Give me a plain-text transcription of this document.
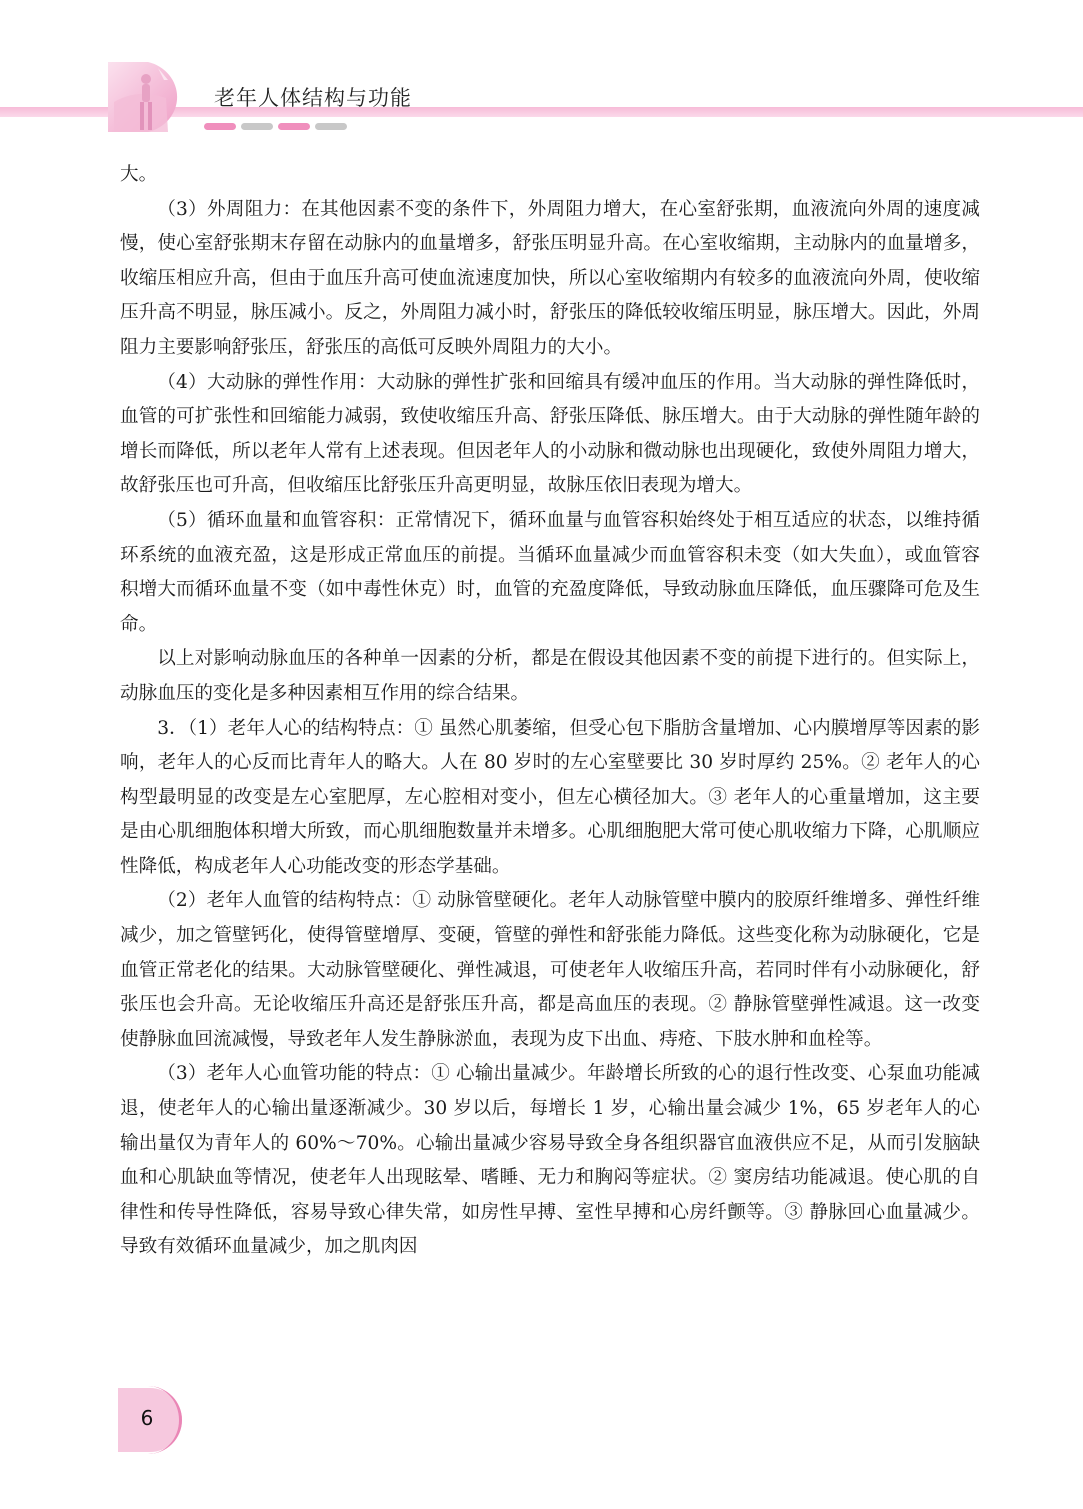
老年人体结构与功能

大。

（3）外周阻力：在其他因素不变的条件下，外周阻力增大，在心室舒张期，血液流向外周的速度减慢，使心室舒张期末存留在动脉内的血量增多，舒张压明显升高。在心室收缩期，主动脉内的血量增多，收缩压相应升高，但由于血压升高可使血流速度加快，所以心室收缩期内有较多的血液流向外周，使收缩压升高不明显，脉压减小。反之，外周阻力减小时，舒张压的降低较收缩压明显，脉压增大。因此，外周阻力主要影响舒张压，舒张压的高低可反映外周阻力的大小。

（4）大动脉的弹性作用：大动脉的弹性扩张和回缩具有缓冲血压的作用。当大动脉的弹性降低时，血管的可扩张性和回缩能力减弱，致使收缩压升高、舒张压降低、脉压增大。由于大动脉的弹性随年龄的增长而降低，所以老年人常有上述表现。但因老年人的小动脉和微动脉也出现硬化，致使外周阻力增大，故舒张压也可升高，但收缩压比舒张压升高更明显，故脉压依旧表现为增大。

（5）循环血量和血管容积：正常情况下，循环血量与血管容积始终处于相互适应的状态，以维持循环系统的血液充盈，这是形成正常血压的前提。当循环血量减少而血管容积未变（如大失血），或血管容积增大而循环血量不变（如中毒性休克）时，血管的充盈度降低，导致动脉血压降低，血压骤降可危及生命。

以上对影响动脉血压的各种单一因素的分析，都是在假设其他因素不变的前提下进行的。但实际上，动脉血压的变化是多种因素相互作用的综合结果。

3．（1）老年人心的结构特点：① 虽然心肌萎缩，但受心包下脂肪含量增加、心内膜增厚等因素的影响，老年人的心反而比青年人的略大。人在 80 岁时的左心室壁要比 30 岁时厚约 25%。② 老年人的心构型最明显的改变是左心室肥厚，左心腔相对变小，但左心横径加大。③ 老年人的心重量增加，这主要是由心肌细胞体积增大所致，而心肌细胞数量并未增多。心肌细胞肥大常可使心肌收缩力下降，心肌顺应性降低，构成老年人心功能改变的形态学基础。

（2）老年人血管的结构特点：① 动脉管壁硬化。老年人动脉管壁中膜内的胶原纤维增多、弹性纤维减少，加之管壁钙化，使得管壁增厚、变硬，管壁的弹性和舒张能力降低。这些变化称为动脉硬化，它是血管正常老化的结果。大动脉管壁硬化、弹性减退，可使老年人收缩压升高，若同时伴有小动脉硬化，舒张压也会升高。无论收缩压升高还是舒张压升高，都是高血压的表现。② 静脉管壁弹性减退。这一改变使静脉血回流减慢，导致老年人发生静脉淤血，表现为皮下出血、痔疮、下肢水肿和血栓等。

（3）老年人心血管功能的特点：① 心输出量减少。年龄增长所致的心的退行性改变、心泵血功能减退，使老年人的心输出量逐渐减少。30 岁以后，每增长 1 岁，心输出量会减少 1%，65 岁老年人的心输出量仅为青年人的 60%～70%。心输出量减少容易导致全身各组织器官血液供应不足，从而引发脑缺血和心肌缺血等情况，使老年人出现眩晕、嗜睡、无力和胸闷等症状。② 窦房结功能减退。使心肌的自律性和传导性降低，容易导致心律失常，如房性早搏、室性早搏和心房纤颤等。③ 静脉回心血量减少。导致有效循环血量减少，加之肌肉因

6
